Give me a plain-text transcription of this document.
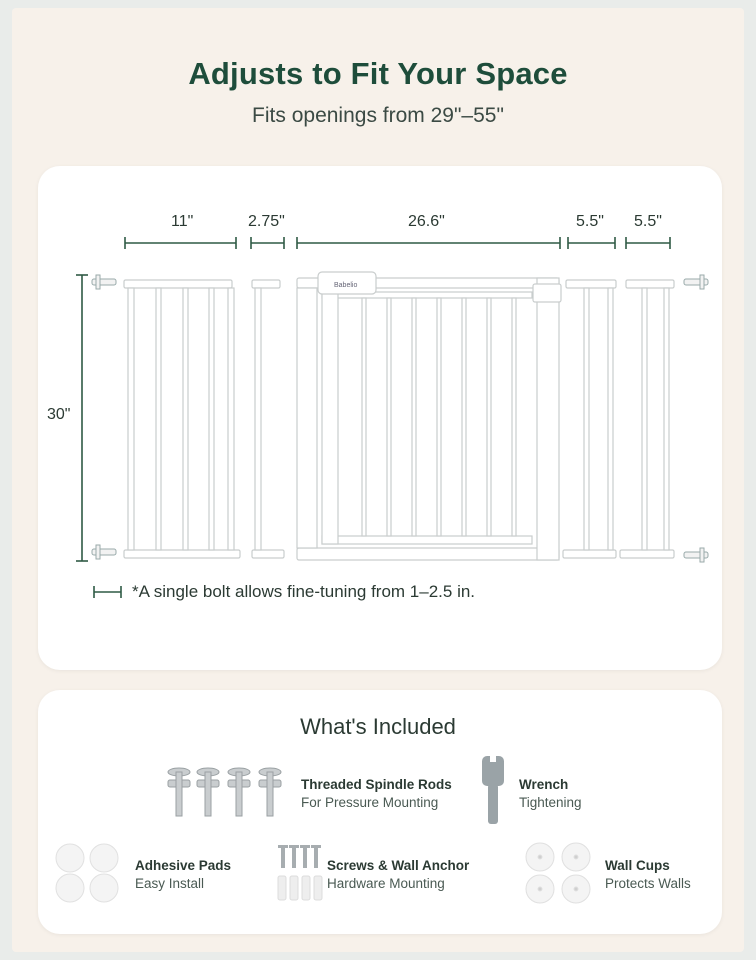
Adjusts to Fit Your Space
Fits openings from 29"–55"
11"	2.75"	26.6"	5.5" 5.5"
30"
Babelio
*A single bolt allows fine-tuning from 1–2.5 in.
What's Included
Threaded Spindle Rods
For Pressure Mounting
Wrench
Tightening
Adhesive Pads
Easy Install
Screws & Wall Anchor
Hardware Mounting
Wall Cups
Protects Walls
